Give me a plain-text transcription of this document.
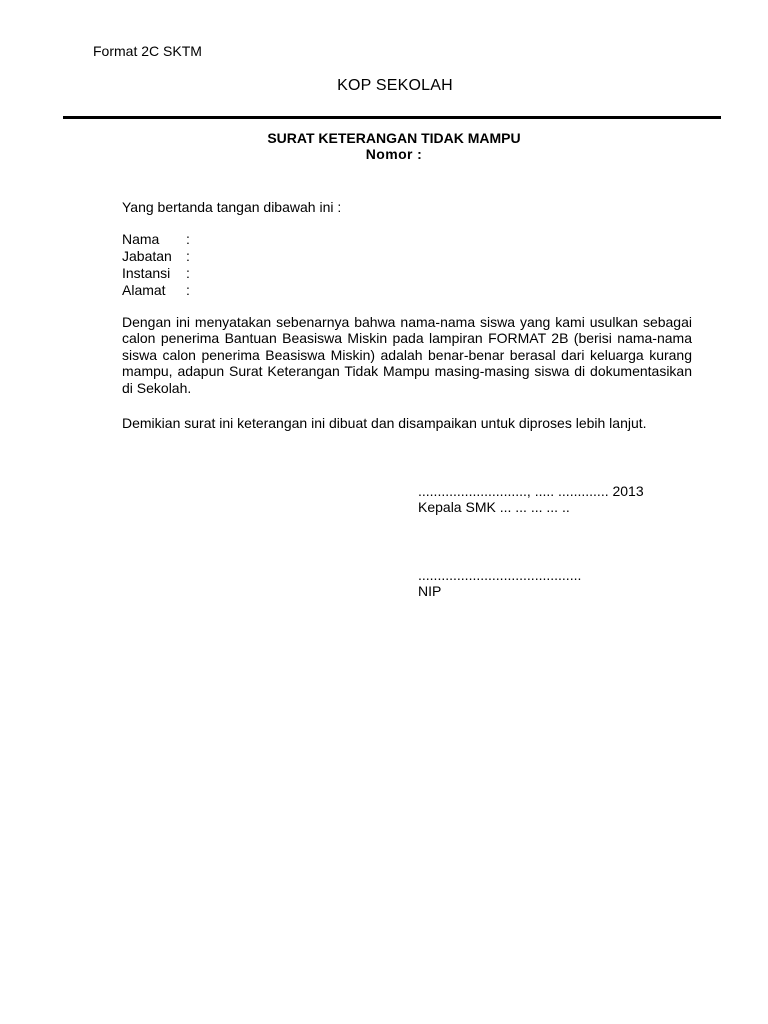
Format 2C SKTM
KOP SEKOLAH
SURAT KETERANGAN TIDAK MAMPU
Nomor :
Yang bertanda tangan dibawah ini :
Nama :
Jabatan :
Instansi :
Alamat :
Dengan ini menyatakan sebenarnya bahwa nama-nama siswa yang kami usulkan sebagai calon penerima Bantuan Beasiswa Miskin pada lampiran FORMAT 2B (berisi nama-nama siswa calon penerima Beasiswa Miskin) adalah benar-benar berasal dari keluarga kurang mampu, adapun Surat Keterangan Tidak Mampu masing-masing siswa di dokumentasikan di Sekolah.
Demikian surat ini keterangan ini dibuat dan disampaikan untuk diproses lebih lanjut.
............................, ..... ............. 2013
Kepala SMK ... ... ... ... ..
..........................................
NIP
